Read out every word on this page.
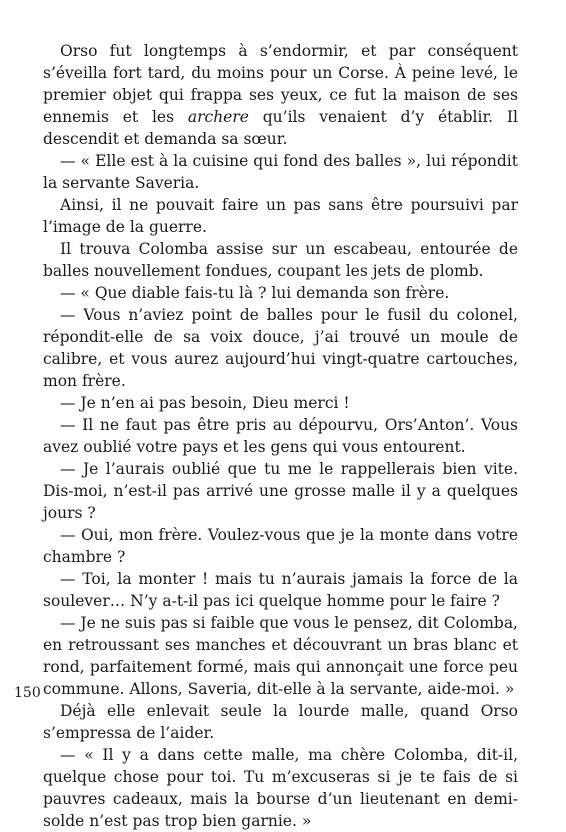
Orso fut longtemps à s’endormir, et par conséquent s’éveilla fort tard, du moins pour un Corse. À peine levé, le premier objet qui frappa ses yeux, ce fut la maison de ses ennemis et les archere qu’ils venaient d’y établir. Il descendit et demanda sa sœur.

— « Elle est à la cuisine qui fond des balles », lui répondit la servante Saveria.

Ainsi, il ne pouvait faire un pas sans être poursuivi par l’image de la guerre.

Il trouva Colomba assise sur un escabeau, entourée de balles nouvellement fondues, coupant les jets de plomb.

— « Que diable fais-tu là ? lui demanda son frère.

— Vous n’aviez point de balles pour le fusil du colonel, répondit-elle de sa voix douce, j’ai trouvé un moule de calibre, et vous aurez aujourd’hui vingt-quatre cartouches, mon frère.

— Je n’en ai pas besoin, Dieu merci !

— Il ne faut pas être pris au dépourvu, Ors’Anton’. Vous avez oublié votre pays et les gens qui vous entourent.

— Je l’aurais oublié que tu me le rappellerais bien vite. Dis-moi, n’est-il pas arrivé une grosse malle il y a quelques jours ?

— Oui, mon frère. Voulez-vous que je la monte dans votre chambre ?

— Toi, la monter ! mais tu n’aurais jamais la force de la soulever… N’y a-t-il pas ici quelque homme pour le faire ?

— Je ne suis pas si faible que vous le pensez, dit Colomba, en retroussant ses manches et découvrant un bras blanc et rond, parfaitement formé, mais qui annonçait une force peu commune. Allons, Saveria, dit-elle à la servante, aide-moi. »

Déjà elle enlevait seule la lourde malle, quand Orso s’empressa de l’aider.

— « Il y a dans cette malle, ma chère Colomba, dit-il, quelque chose pour toi. Tu m’excuseras si je te fais de si pauvres cadeaux, mais la bourse d’un lieutenant en demi-solde n’est pas trop bien garnie. »

150
